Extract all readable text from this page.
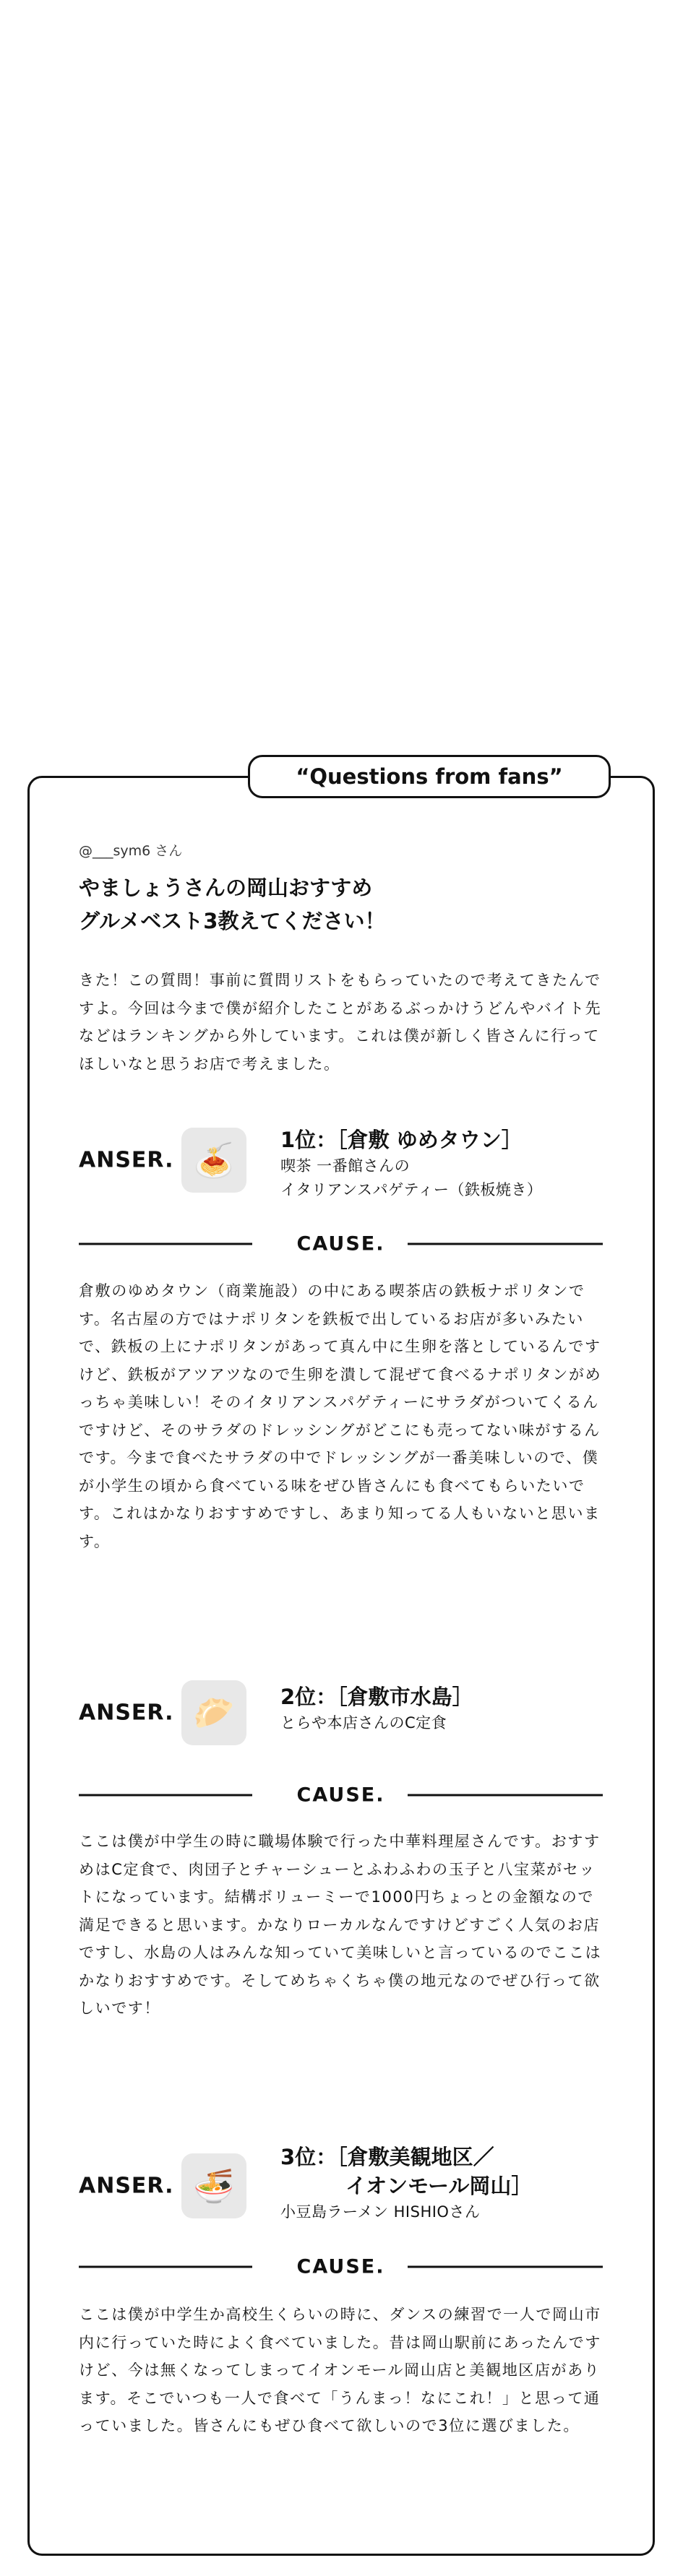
“Questions from fans”

@___sym6 さん

やましょうさんの岡山おすすめ

グルメベスト3教えてください！

きた！この質問！事前に質問リストをもらっていたので考えてきたんですよ。今回は今まで僕が紹介したことがあるぶっかけうどんやバイト先などはランキングから外しています。これは僕が新しく皆さんに行ってほしいなと思うお店で考えました。

ANSER. 🍝

1位：［倉敷 ゆめタウン］

喫茶 一番館さんの

イタリアンスパゲティー（鉄板焼き）

CAUSE.

倉敷のゆめタウン（商業施設）の中にある喫茶店の鉄板ナポリタンです。名古屋の方ではナポリタンを鉄板で出しているお店が多いみたいで、鉄板の上にナポリタンがあって真ん中に生卵を落としているんですけど、鉄板がアツアツなので生卵を潰して混ぜて食べるナポリタンがめっちゃ美味しい！そのイタリアンスパゲティーにサラダがついてくるんですけど、そのサラダのドレッシングがどこにも売ってない味がするんです。今まで食べたサラダの中でドレッシングが一番美味しいので、僕が小学生の頃から食べている味をぜひ皆さんにも食べてもらいたいです。これはかなりおすすめですし、あまり知ってる人もいないと思います。

ANSER. 🥟	2位：［倉敷市水島］

とらや本店さんのC定食

CAUSE.

ここは僕が中学生の時に職場体験で行った中華料理屋さんです。おすすめはC定食で、肉団子とチャーシューとふわふわの玉子と八宝菜がセットになっています。結構ボリューミーで1000円ちょっとの金額なので満足できると思います。かなりローカルなんですけどすごく人気のお店ですし、水島の人はみんな知っていて美味しいと言っているのでここはかなりおすすめです。そしてめちゃくちゃ僕の地元なのでぜひ行って欲しいです！

ANSER. 🍜

3位：［倉敷美観地区／

イオンモール岡山］

小豆島ラーメン HISHIOさん

CAUSE.

ここは僕が中学生か高校生くらいの時に、ダンスの練習で一人で岡山市内に行っていた時によく食べていました。昔は岡山駅前にあったんですけど、今は無くなってしまってイオンモール岡山店と美観地区店があります。そこでいつも一人で食べて「うんまっ！なにこれ！」と思って通っていました。皆さんにもぜひ食べて欲しいので3位に選びました。
